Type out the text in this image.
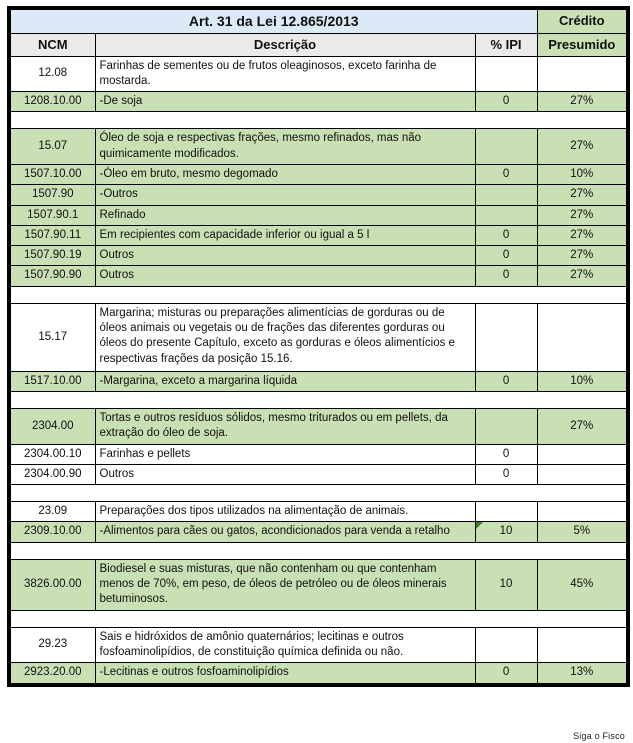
Art. 31 da Lei 12.865/2013			Crédito
NCM	Descrição	% IPI	Presumido
12.08	Farinhas de sementes ou de frutos oleaginosos, exceto farinha de mostarda.		
1208.10.00	-De soja	0	27%

15.07	Óleo de soja e respectivas frações, mesmo refinados, mas não quimicamente modificados.		27%
1507.10.00	-Óleo em bruto, mesmo degomado	0	10%
1507.90	-Outros		27%
1507.90.1	Refinado		27%
1507.90.11	Em recipientes com capacidade inferior ou igual a 5 l	0	27%
1507.90.19	Outros	0	27%
1507.90.90	Outros	0	27%

15.17	Margarina; misturas ou preparações alimentícias de gorduras ou de óleos animais ou vegetais ou de frações das diferentes gorduras ou óleos do presente Capítulo, exceto as gorduras e óleos alimentícios e respectivas frações da posição 15.16.		
1517.10.00	-Margarina, exceto a margarina líquida	0	10%

2304.00	Tortas e outros resíduos sólidos, mesmo triturados ou em pellets, da extração do óleo de soja.		27%
2304.00.10	Farinhas e pellets	0	
2304.00.90	Outros	0	

23.09	Preparações dos tipos utilizados na alimentação de animais.		
2309.10.00	-Alimentos para cães ou gatos, acondicionados para venda a retalho	10	5%

3826.00.00	Biodiesel e suas misturas, que não contenham ou que contenham menos de 70%, em peso, de óleos de petróleo ou de óleos minerais betuminosos.	10	45%

29.23	Sais e hidróxidos de amônio quaternários; lecitinas e outros fosfoaminolipídios, de constituição química definida ou não.		
2923.20.00	-Lecitinas e outros fosfoaminolipídios	0	13%
Siga o Fisco
